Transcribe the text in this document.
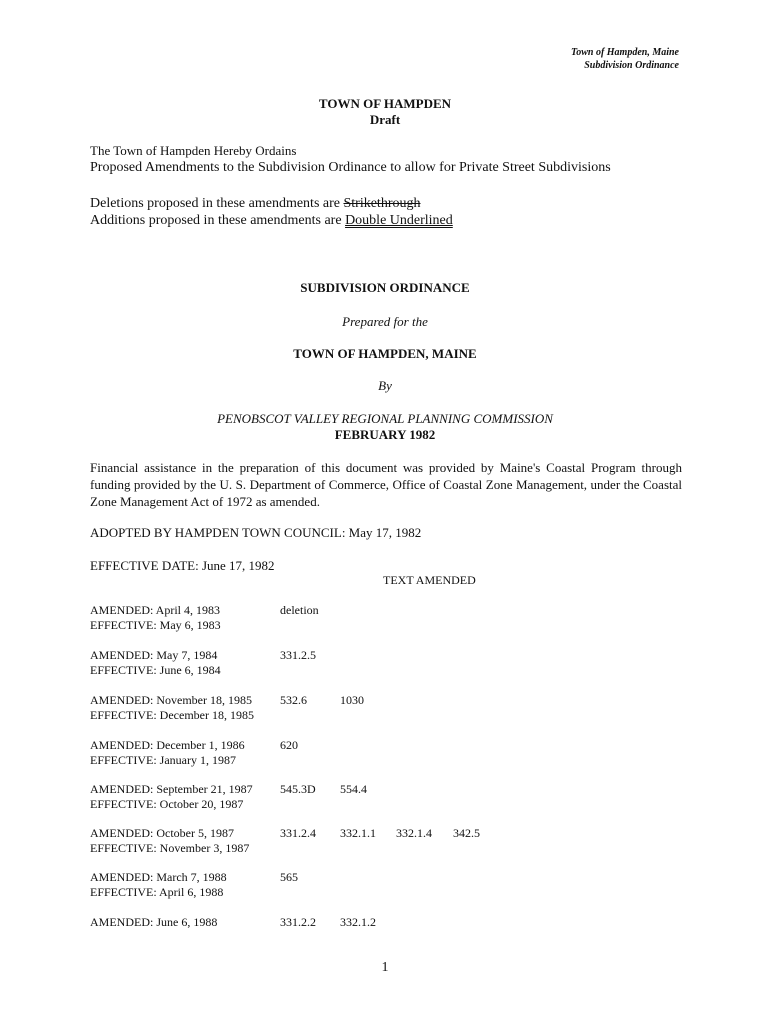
Town of Hampden, Maine
Subdivision Ordinance
TOWN OF HAMPDEN
Draft
The Town of Hampden Hereby Ordains
Proposed Amendments to the Subdivision Ordinance to allow for Private Street Subdivisions
Deletions proposed in these amendments are Strikethrough
Additions proposed in these amendments are Double Underlined
SUBDIVISION ORDINANCE
Prepared for the
TOWN OF HAMPDEN, MAINE
By
PENOBSCOT VALLEY REGIONAL PLANNING COMMISSION
FEBRUARY 1982
Financial assistance in the preparation of this document was provided by Maine's Coastal Program through funding provided by the U. S. Department of Commerce, Office of Coastal Zone Management, under the Coastal Zone Management Act of 1972 as amended.
ADOPTED BY HAMPDEN TOWN COUNCIL: May 17, 1982
EFFECTIVE DATE: June 17, 1982
TEXT AMENDED
AMENDED: April 4, 1983
EFFECTIVE: May 6, 1983
deletion
AMENDED: May 7, 1984
EFFECTIVE: June 6, 1984
331.2.5
AMENDED: November 18, 1985
EFFECTIVE: December 18, 1985
532.6	1030
AMENDED: December 1, 1986
EFFECTIVE: January 1, 1987
620
AMENDED: September 21, 1987
EFFECTIVE: October 20, 1987
545.3D 554.4
AMENDED: October 5, 1987
EFFECTIVE: November 3, 1987
331.2.4 332.1.1 332.1.4 342.5
AMENDED: March 7, 1988
EFFECTIVE: April 6, 1988
565
AMENDED: June 6, 1988	331.2.2 332.1.2
1
